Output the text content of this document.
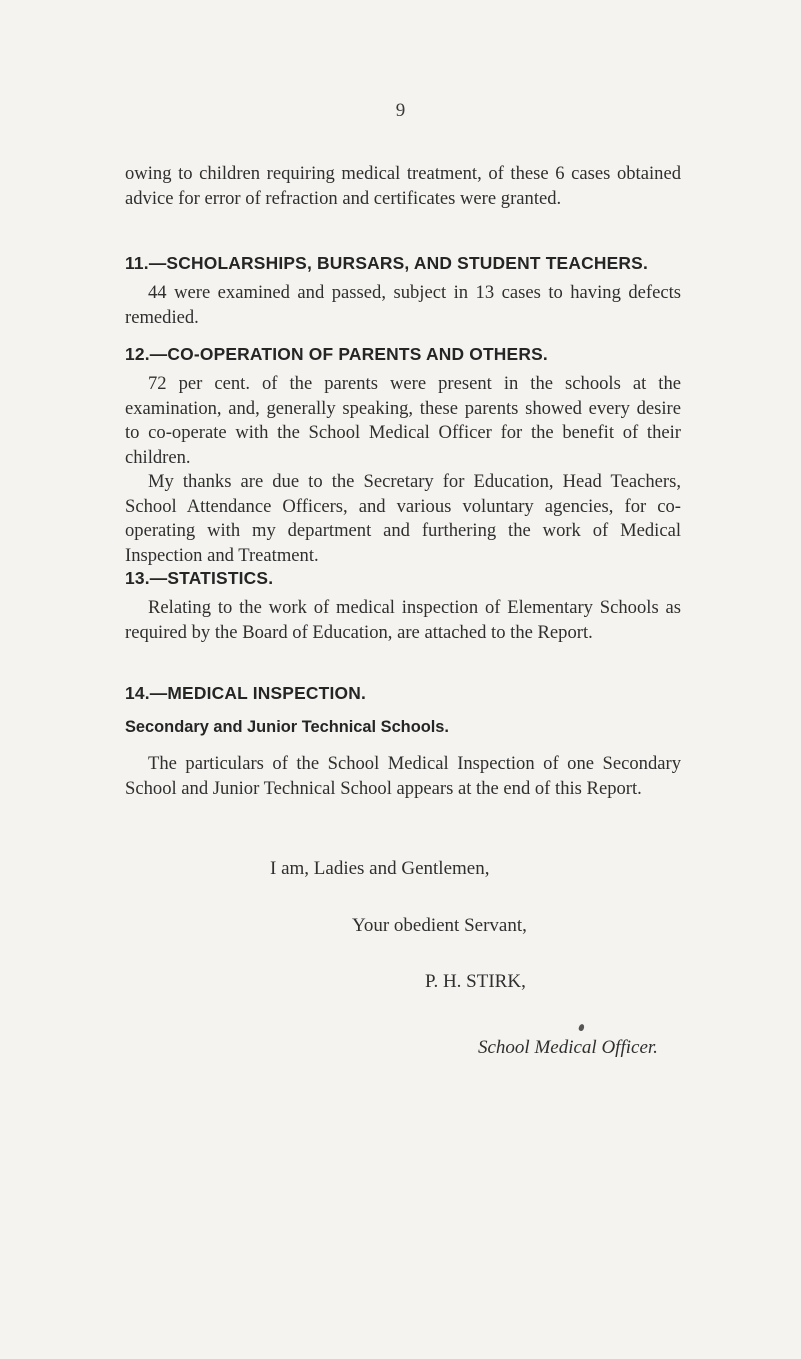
9

owing to children requiring medical treatment, of these 6 cases obtained advice for error of refraction and certificates were granted.

11.—SCHOLARSHIPS, BURSARS, AND STUDENT TEACHERS.

44 were examined and passed, subject in 13 cases to having defects remedied.

12.—CO-OPERATION OF PARENTS AND OTHERS.

72 per cent. of the parents were present in the schools at the examination, and, generally speaking, these parents showed every desire to co-operate with the School Medical Officer for the benefit of their children.

My thanks are due to the Secretary for Education, Head Teachers, School Attendance Officers, and various voluntary agencies, for co-operating with my department and furthering the work of Medical Inspection and Treatment.

13.—STATISTICS.

Relating to the work of medical inspection of Elementary Schools as required by the Board of Education, are attached to the Report.

14.—MEDICAL INSPECTION.
Secondary and Junior Technical Schools.

The particulars of the School Medical Inspection of one Secondary School and Junior Technical School appears at the end of this Report.

I am, Ladies and Gentlemen,
Your obedient Servant,
P. H. STIRK,
School Medical Officer.
